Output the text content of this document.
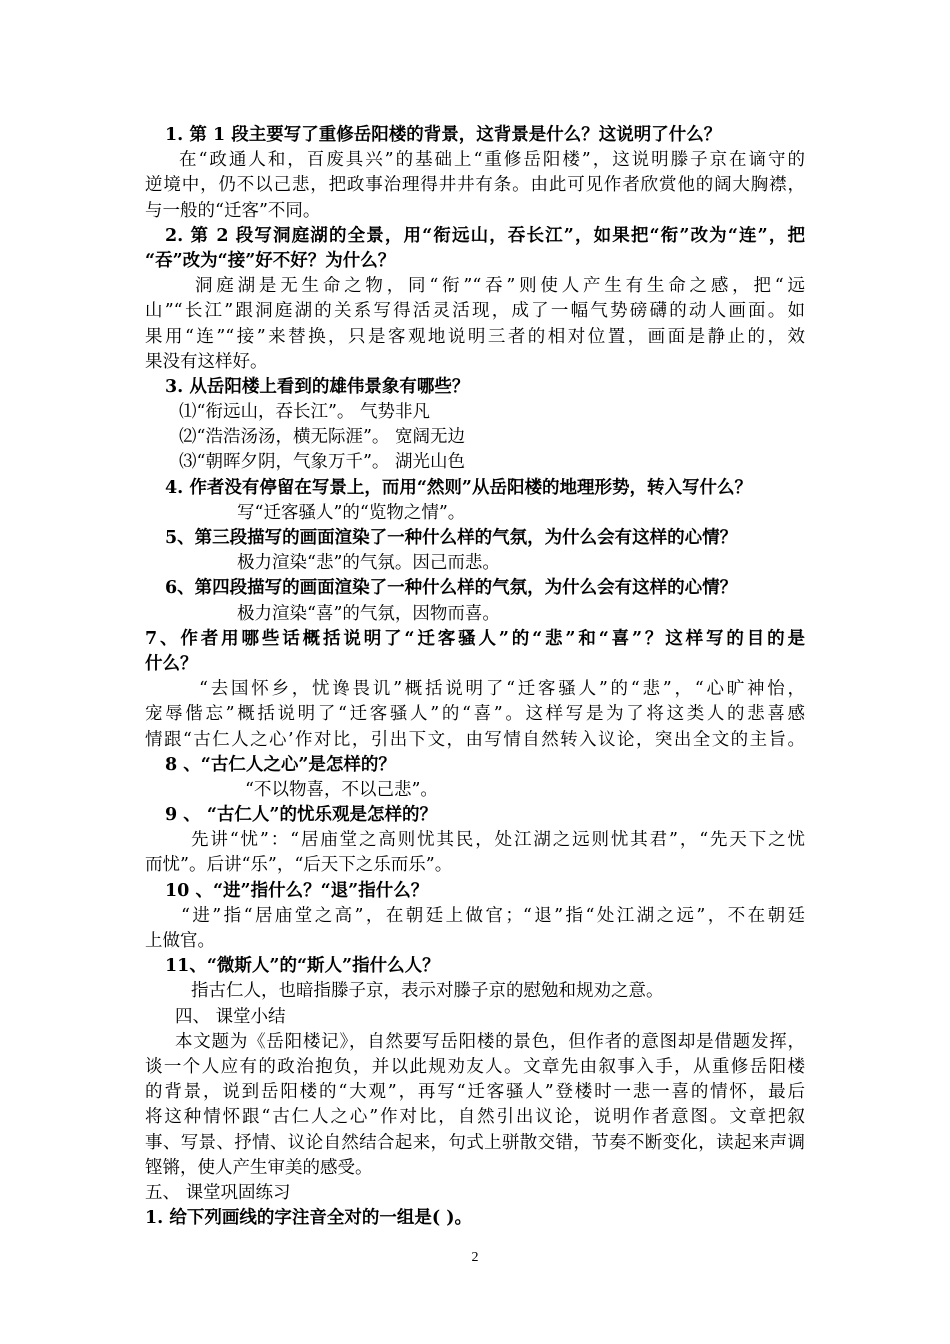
1. 第 1 段主要写了重修岳阳楼的背景，这背景是什么？这说明了什么？
在“政通人和，百废具兴”的基础上“重修岳阳楼”，这说明滕子京在谪守的
逆境中，仍不以己悲，把政事治理得井井有条。由此可见作者欣赏他的阔大胸襟，
与一般的“迁客”不同。
2. 第 2 段写洞庭湖的全景，用“衔远山，吞长江”，如果把“衔”改为“连”，把
“吞”改为“接”好不好？为什么？
洞庭湖是无生命之物，同“衔”“吞”则使人产生有生命之感，把“远
山”“长江”跟洞庭湖的关系写得活灵活现，成了一幅气势磅礴的动人画面。如
果用“连”“接”来替换，只是客观地说明三者的相对位置，画面是静止的，效
果没有这样好。
3. 从岳阳楼上看到的雄伟景象有哪些？
⑴“衔远山，吞长江”。 气势非凡
⑵“浩浩汤汤，横无际涯”。 宽阔无边
⑶“朝晖夕阴，气象万千”。 湖光山色
4. 作者没有停留在写景上，而用“然则”从岳阳楼的地理形势，转入写什么？
写“迁客骚人”的“览物之情”。
5、第三段描写的画面渲染了一种什么样的气氛，为什么会有这样的心情？
极力渲染“悲”的气氛。因己而悲。
6、第四段描写的画面渲染了一种什么样的气氛，为什么会有这样的心情？
极力渲染“喜”的气氛，因物而喜。
7、作者用哪些话概括说明了“迁客骚人”的“悲”和“喜”？这样写的目的是
什么？
“去国怀乡，忧谗畏讥”概括说明了“迁客骚人”的“悲”，“心旷神怡，
宠辱偕忘”概括说明了“迁客骚人”的“喜”。这样写是为了将这类人的悲喜感
情跟“古仁人之心’作对比，引出下文，由写情自然转入议论，突出全文的主旨。
8 、“古仁人之心”是怎样的？
“不以物喜，不以己悲”。
9 、 “古仁人”的忧乐观是怎样的？
先讲“忧”：“居庙堂之高则忧其民，处江湖之远则忧其君”，“先天下之忧
而忧”。后讲“乐”，“后天下之乐而乐”。
10 、“进”指什么？“退”指什么？
“进”指“居庙堂之高”，在朝廷上做官；“退”指“处江湖之远”，不在朝廷
上做官。
11、“微斯人”的“斯人”指什么人？
指古仁人，也暗指滕子京，表示对滕子京的慰勉和规劝之意。
四、 课堂小结
本文题为《岳阳楼记》，自然要写岳阳楼的景色，但作者的意图却是借题发挥，
谈一个人应有的政治抱负，并以此规劝友人。文章先由叙事入手，从重修岳阳楼
的背景，说到岳阳楼的“大观”，再写“迁客骚人”登楼时一悲一喜的情怀，最后
将这种情怀跟“古仁人之心”作对比，自然引出议论，说明作者意图。文章把叙
事、写景、抒情、议论自然结合起来，句式上骈散交错，节奏不断变化，读起来声调
铿锵，使人产生审美的感受。
五、 课堂巩固练习
1. 给下列画线的字注音全对的一组是( )。
2
